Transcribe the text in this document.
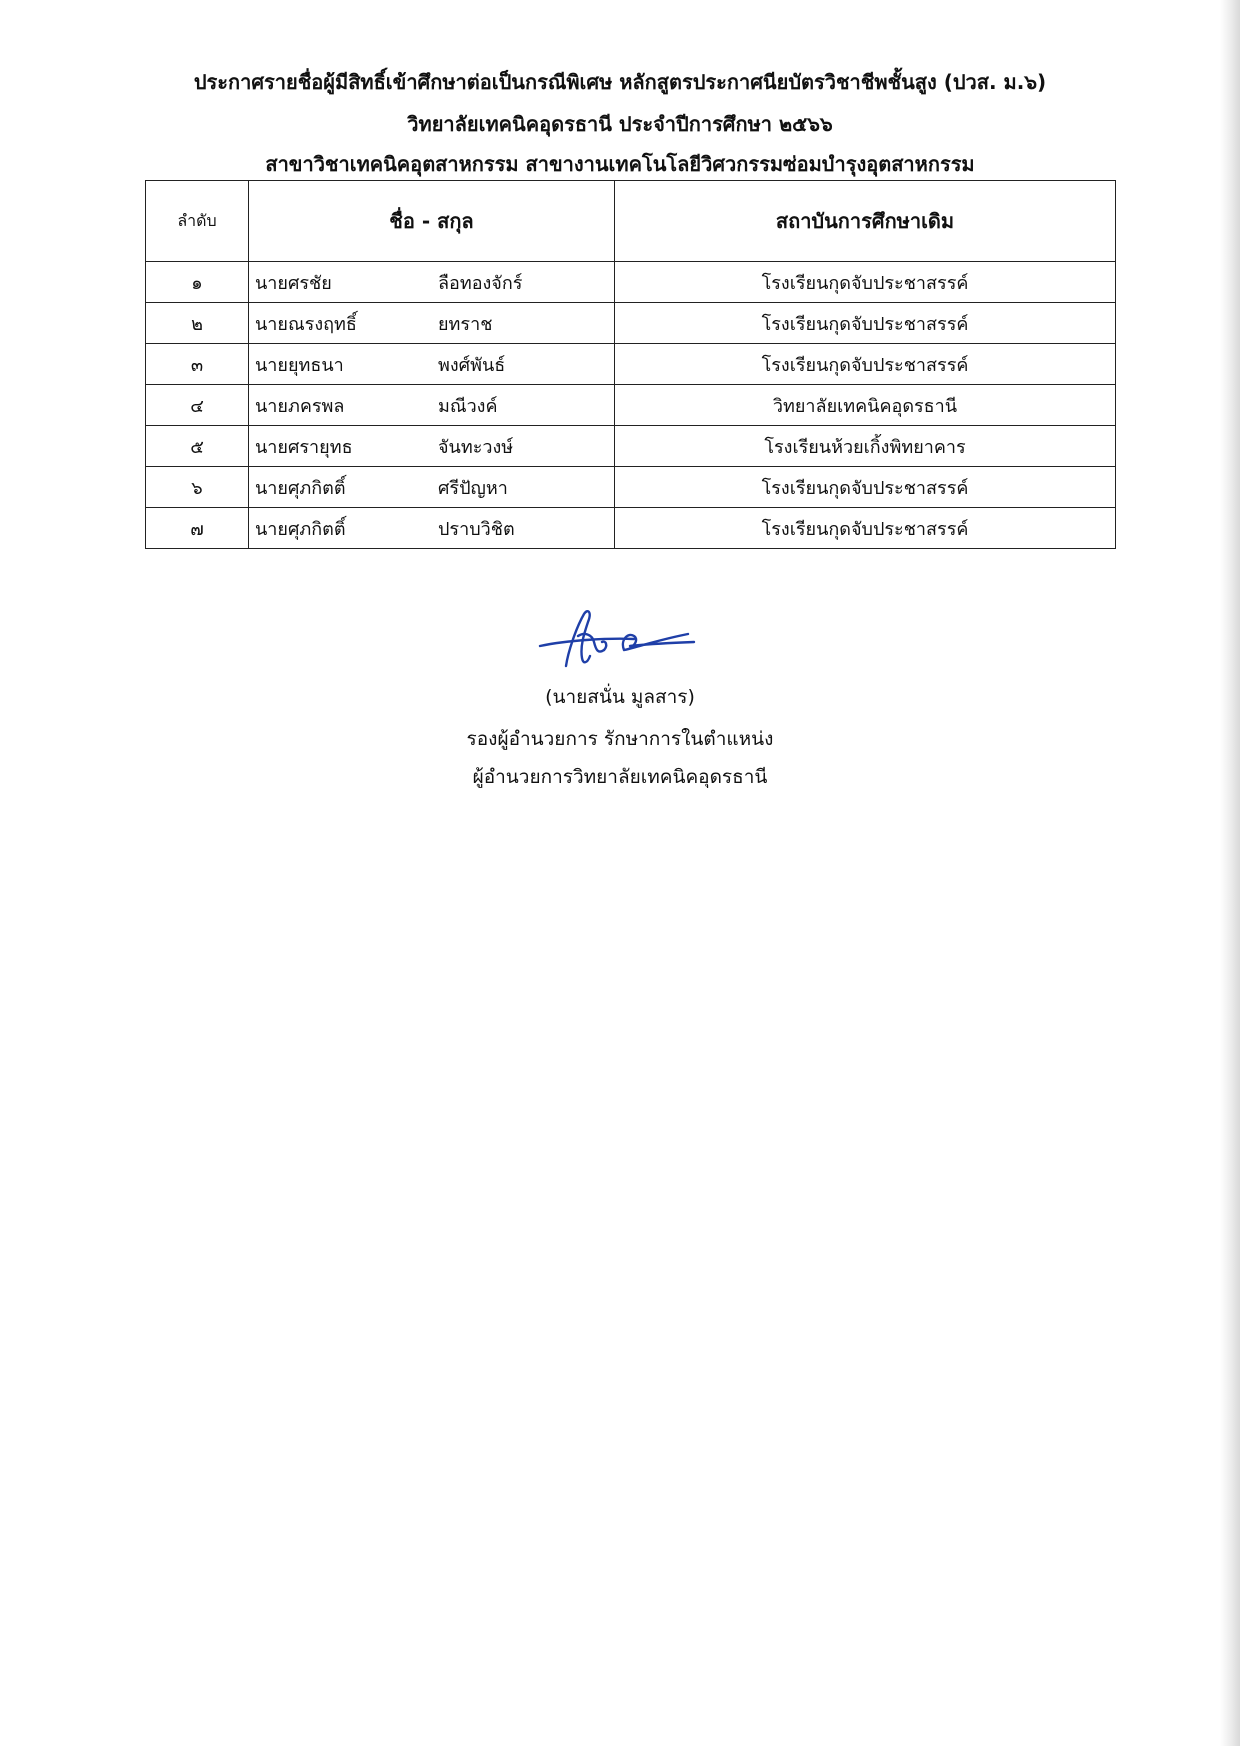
ประกาศรายชื่อผู้มีสิทธิ์เข้าศึกษาต่อเป็นกรณีพิเศษ หลักสูตรประกาศนียบัตรวิชาชีพชั้นสูง (ปวส. ม.๖)
วิทยาลัยเทคนิคอุดรธานี ประจำปีการศึกษา ๒๕๖๖
สาขาวิชาเทคนิคอุตสาหกรรม สาขางานเทคโนโลยีวิศวกรรมซ่อมบำรุงอุตสาหกรรม
ลำดับ	ชื่อ - สกุล	สถาบันการศึกษาเดิม
๑	นายศรชัย ลือทองจักร์	โรงเรียนกุดจับประชาสรรค์
๒	นายณรงฤทธิ์ ยทราช	โรงเรียนกุดจับประชาสรรค์
๓	นายยุทธนา พงศ์พันธ์	โรงเรียนกุดจับประชาสรรค์
๔	นายภครพล มณีวงค์	วิทยาลัยเทคนิคอุดรธานี
๕	นายศรายุทธ จันทะวงษ์	โรงเรียนห้วยเกิ้งพิทยาคาร
๖	นายศุภกิตติ์ ศรีปัญหา	โรงเรียนกุดจับประชาสรรค์
๗	นายศุภกิตติ์ ปราบวิชิต	โรงเรียนกุดจับประชาสรรค์
(นายสนั่น มูลสาร)
รองผู้อำนวยการ รักษาการในตำแหน่ง
ผู้อำนวยการวิทยาลัยเทคนิคอุดรธานี
